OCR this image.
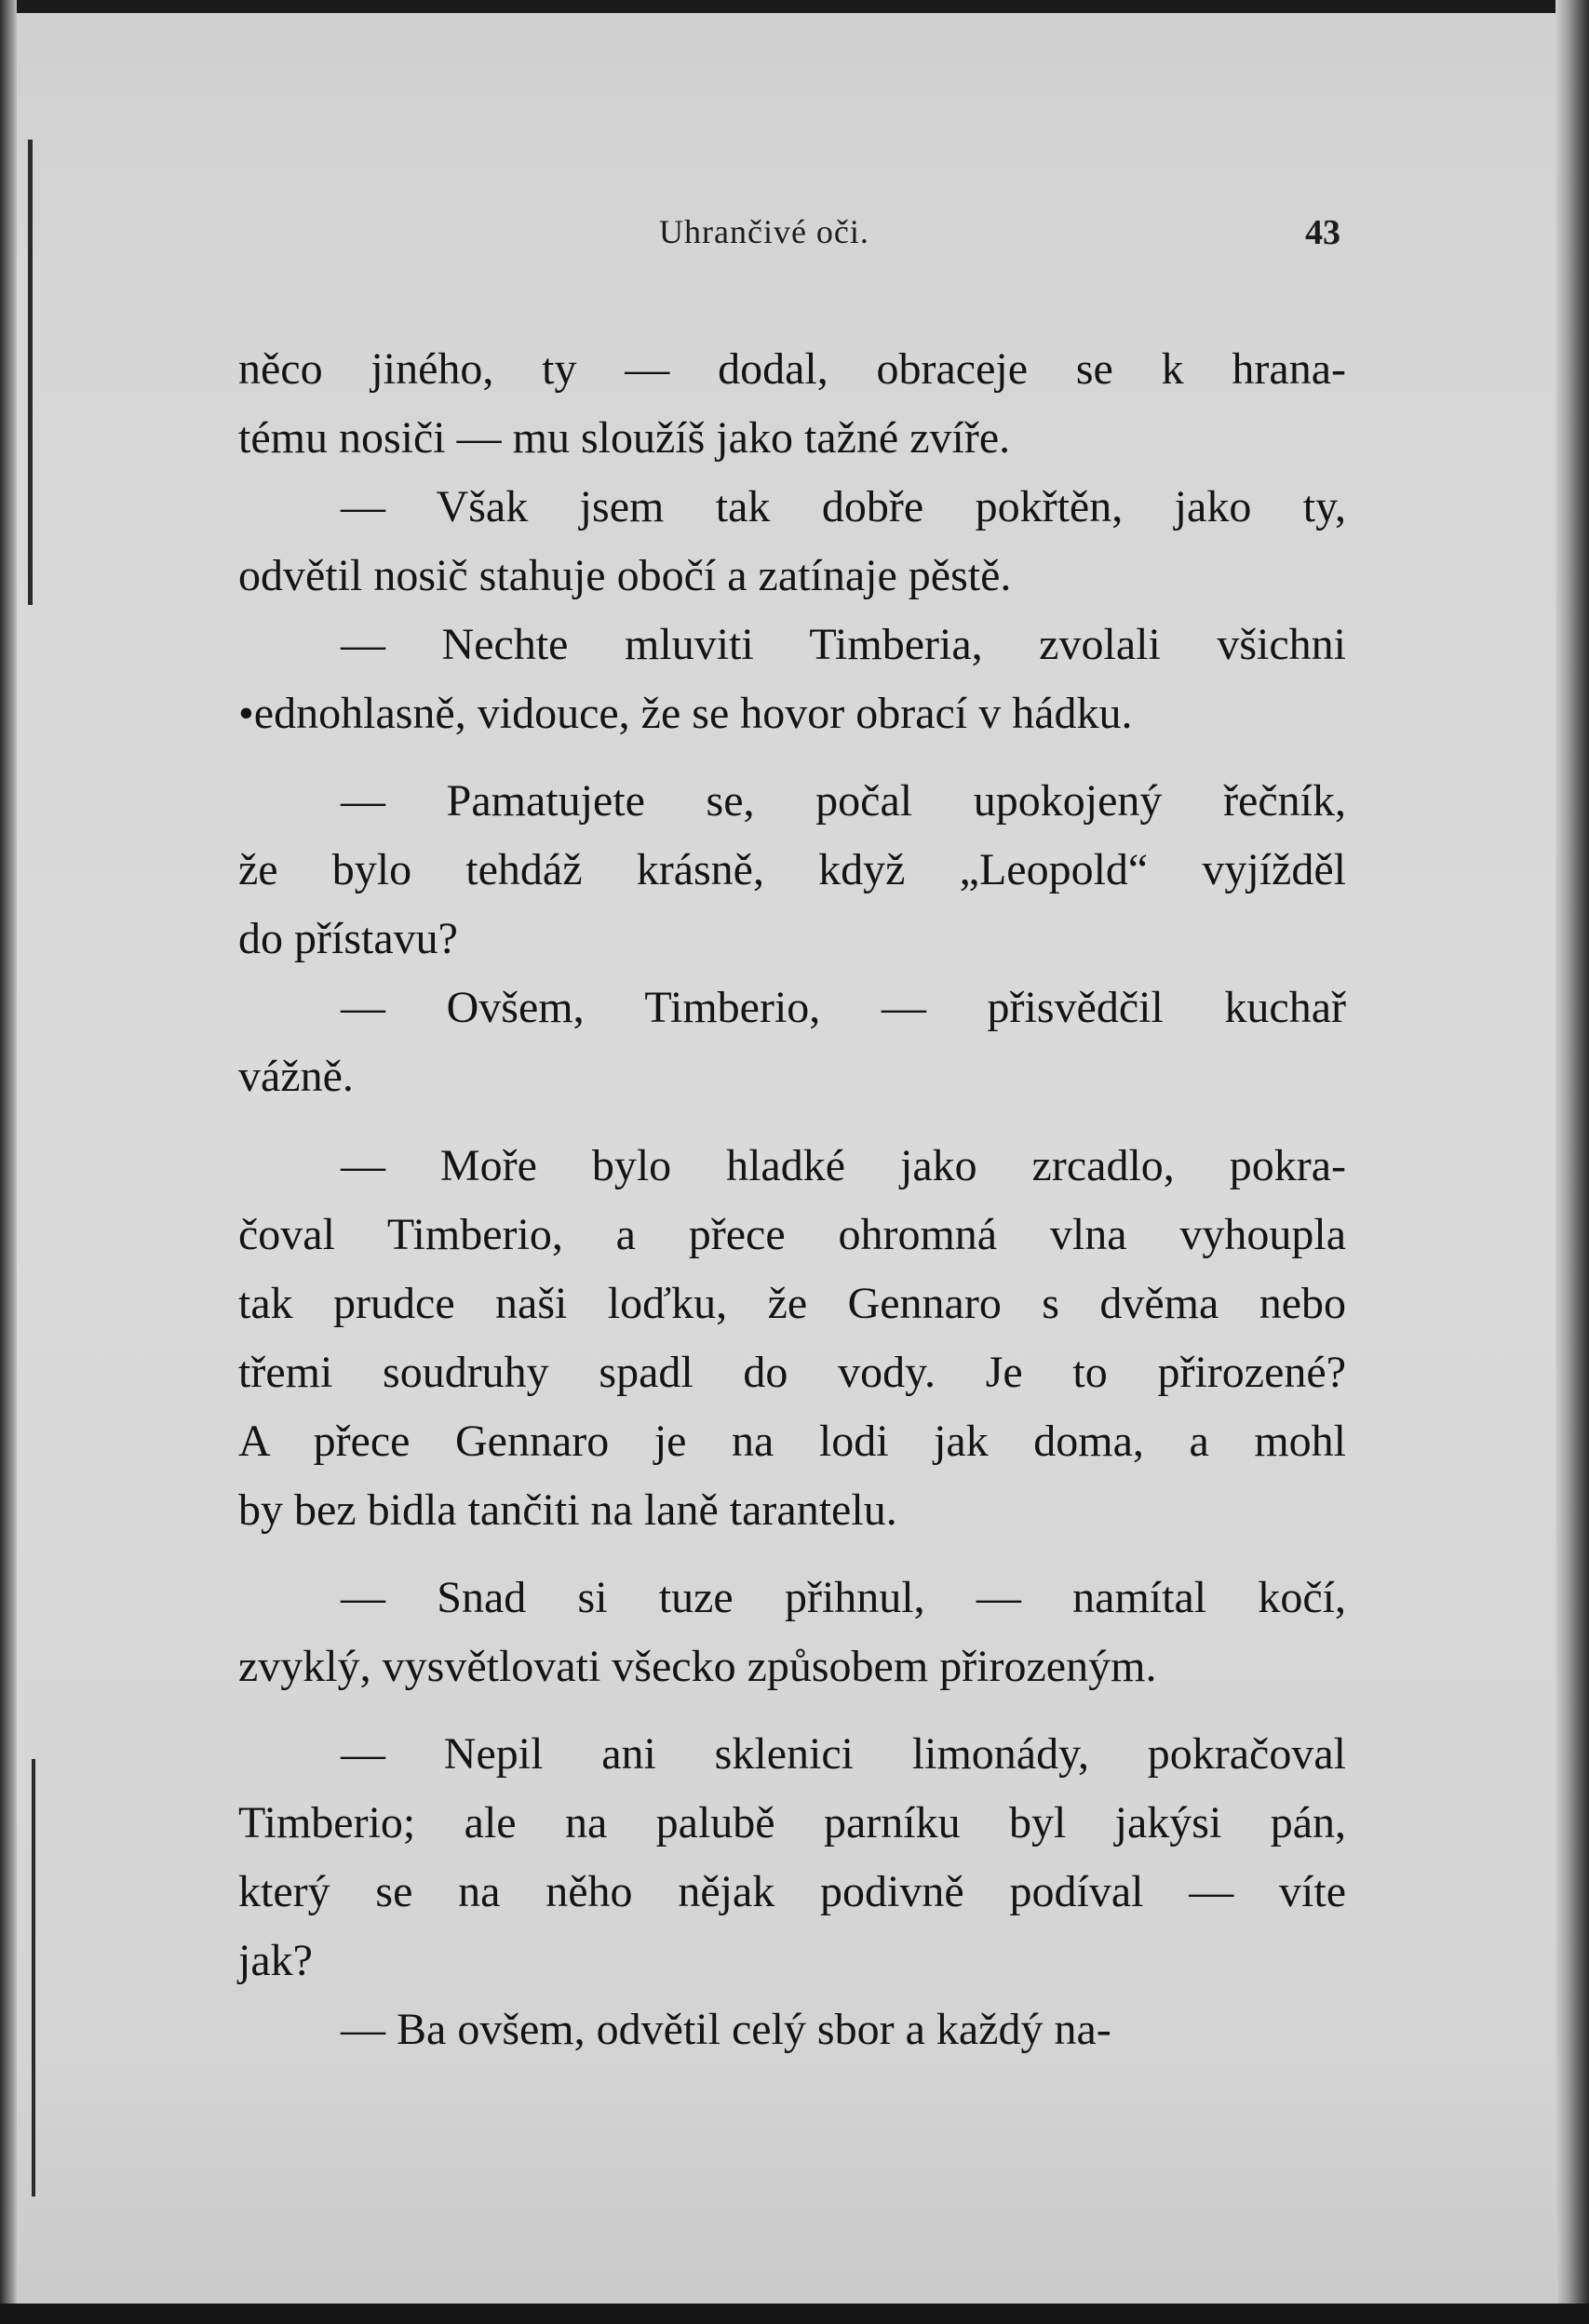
Uhrančivé oči.	43
něco jiného, ty — dodal, obraceje se k hrana-
tému nosiči — mu sloužíš jako tažné zvíře.
— Však jsem tak dobře pokřtěn, jako ty,
odvětil nosič stahuje obočí a zatínaje pěstě.
— Nechte mluviti Timberia, zvolali všichni
•ednohlasně, vidouce, že se hovor obrací v hádku.
— Pamatujete se, počal upokojený řečník,
že bylo tehdáž krásně, když „Leopold“ vyjížděl
do přístavu?
— Ovšem, Timberio, — přisvědčil kuchař
vážně.
— Moře bylo hladké jako zrcadlo, pokra-
čoval Timberio, a přece ohromná vlna vyhoupla
tak prudce naši loďku, že Gennaro s dvěma nebo
třemi soudruhy spadl do vody. Je to přirozené?
A přece Gennaro je na lodi jak doma, a mohl
by bez bidla tančiti na laně tarantelu.
— Snad si tuze přihnul, — namítal kočí,
zvyklý, vysvětlovati všecko způsobem přirozeným.
— Nepil ani sklenici limonády, pokračoval
Timberio; ale na palubě parníku byl jakýsi pán,
který se na něho nějak podivně podíval — víte
jak?
— Ba ovšem, odvětil celý sbor a každý na-
